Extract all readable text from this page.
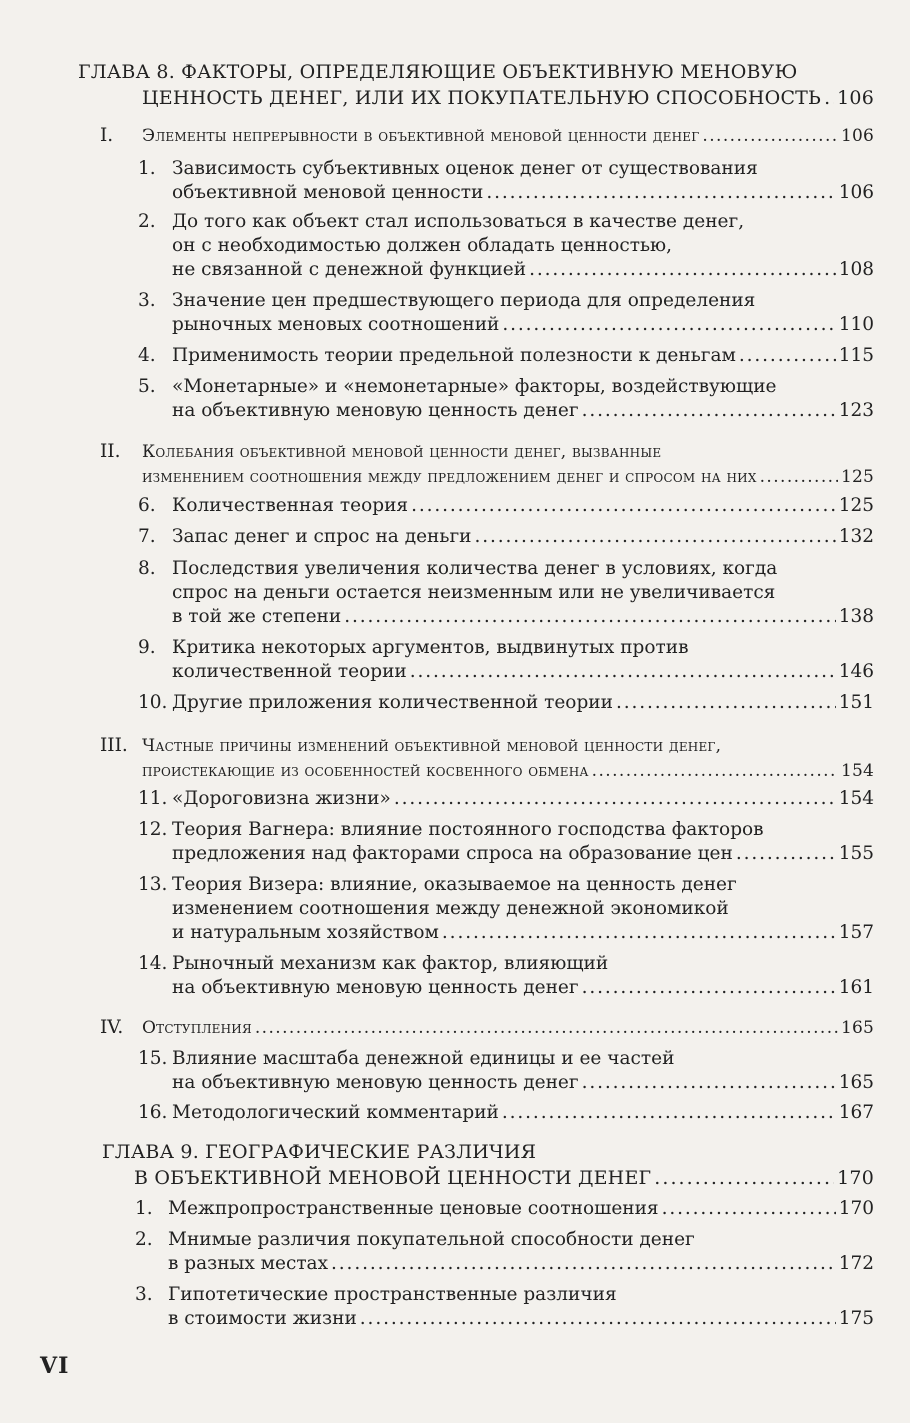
ГЛАВА 8. ФАКТОРЫ, ОПРЕДЕЛЯЮЩИЕ ОБЪЕКТИВНУЮ МЕНОВУЮ
ЦЕННОСТЬ ДЕНЕГ, ИЛИ ИХ ПОКУПАТЕЛЬНУЮ СПОСОБНОСТЬ . . . 106
I. Элементы непрерывности в объективной меновой ценности денег . . .	106
1. Зависимость субъективных оценок денег от существования
объективной меновой ценности . . .	106
2. До того как объект стал использоваться в качестве денег,
он с необходимостью должен обладать ценностью,
не связанной с денежной функцией . . .	108
3. Значение цен предшествующего периода для определения
рыночных меновых соотношений . . .	110
4. Применимость теории предельной полезности к деньгам . . .	115
5. «Монетарные» и «немонетарные» факторы, воздействующие
на объективную меновую ценность денег . . .	123
II. Колебания объективной меновой ценности денег, вызванные
изменением соотношения между предложением денег и спросом на них . . .	125
6. Количественная теория . . .	125
7. Запас денег и спрос на деньги . . .	132
8. Последствия увеличения количества денег в условиях, когда
спрос на деньги остается неизменным или не увеличивается
в той же степени . . .	138
9. Критика некоторых аргументов, выдвинутых против
количественной теории . . .	146
10. Другие приложения количественной теории . . .	151
III. Частные причины изменений объективной меновой ценности денег,
проистекающие из особенностей косвенного обмена . . .	154
11. «Дороговизна жизни» . . .	154
12. Теория Вагнера: влияние постоянного господства факторов
предложения над факторами спроса на образование цен . . .	155
13. Теория Визера: влияние, оказываемое на ценность денег
изменением соотношения между денежной экономикой
и натуральным хозяйством . . .	157
14. Рыночный механизм как фактор, влияющий
на объективную меновую ценность денег . . .	161
IV. Отступления . . .	165
15. Влияние масштаба денежной единицы и ее частей
на объективную меновую ценность денег . . .	165
16. Методологический комментарий . . .	167
ГЛАВА 9. ГЕОГРАФИЧЕСКИЕ РАЗЛИЧИЯ
В ОБЪЕКТИВНОЙ МЕНОВОЙ ЦЕННОСТИ ДЕНЕГ . . .	170
1. Межпропространственные ценовые соотношения . . .	170
2. Мнимые различия покупательной способности денег
в разных местах . . .	172
3. Гипотетические пространственные различия
в стоимости жизни . . .	175
VI
